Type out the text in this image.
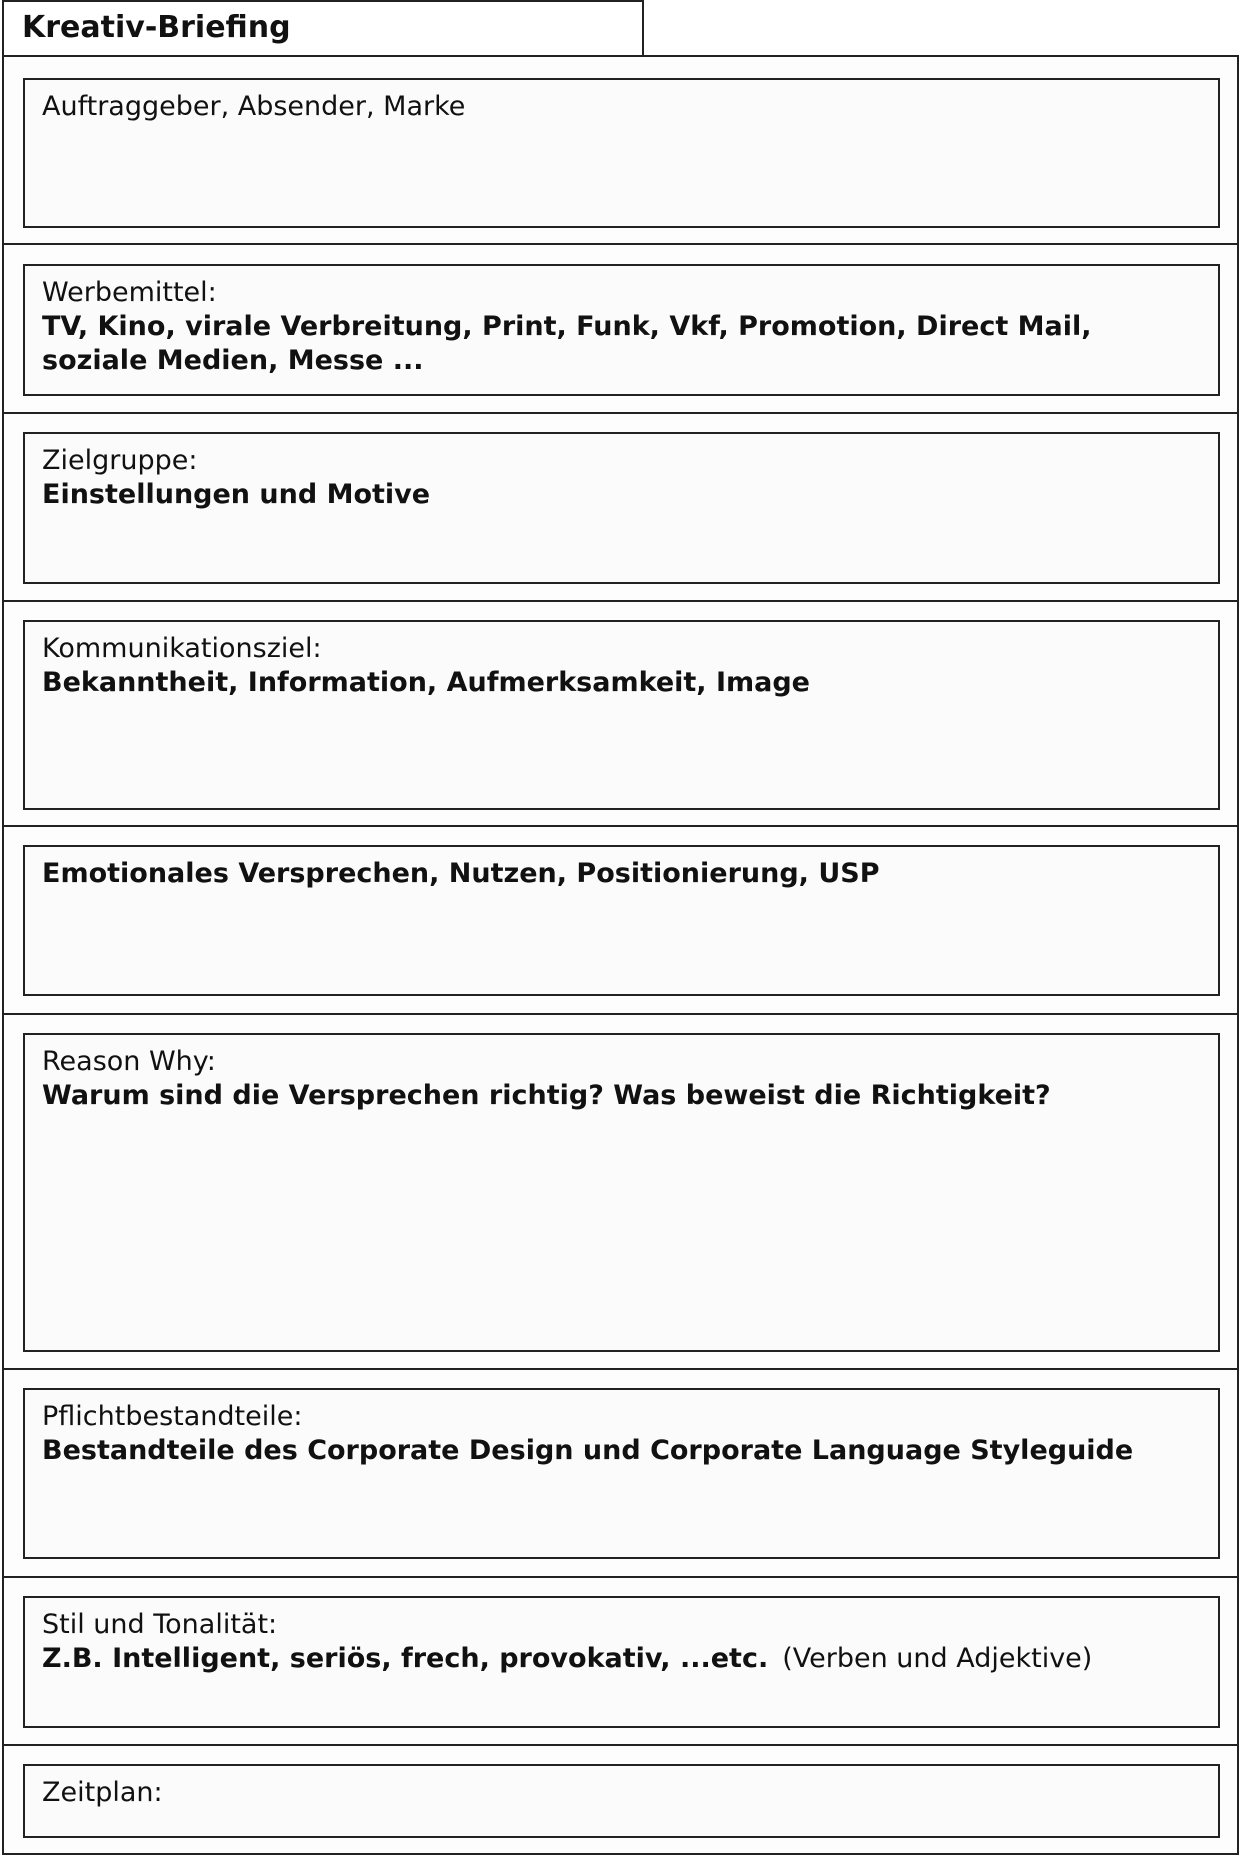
Kreativ-Briefing
Auftraggeber, Absender, Marke
Werbemittel:
TV, Kino, virale Verbreitung, Print, Funk, Vkf, Promotion, Direct Mail, soziale Medien, Messe ...
Zielgruppe:
Einstellungen und Motive
Kommunikationsziel:
Bekanntheit, Information, Aufmerksamkeit, Image
Emotionales Versprechen, Nutzen, Positionierung, USP
Reason Why:
Warum sind die Versprechen richtig? Was beweist die Richtigkeit?
Pflichtbestandteile:
Bestandteile des Corporate Design und Corporate Language Styleguide
Stil und Tonalität:
Z.B. Intelligent, seriös, frech, provokativ, ...etc. (Verben und Adjektive)
Zeitplan:
